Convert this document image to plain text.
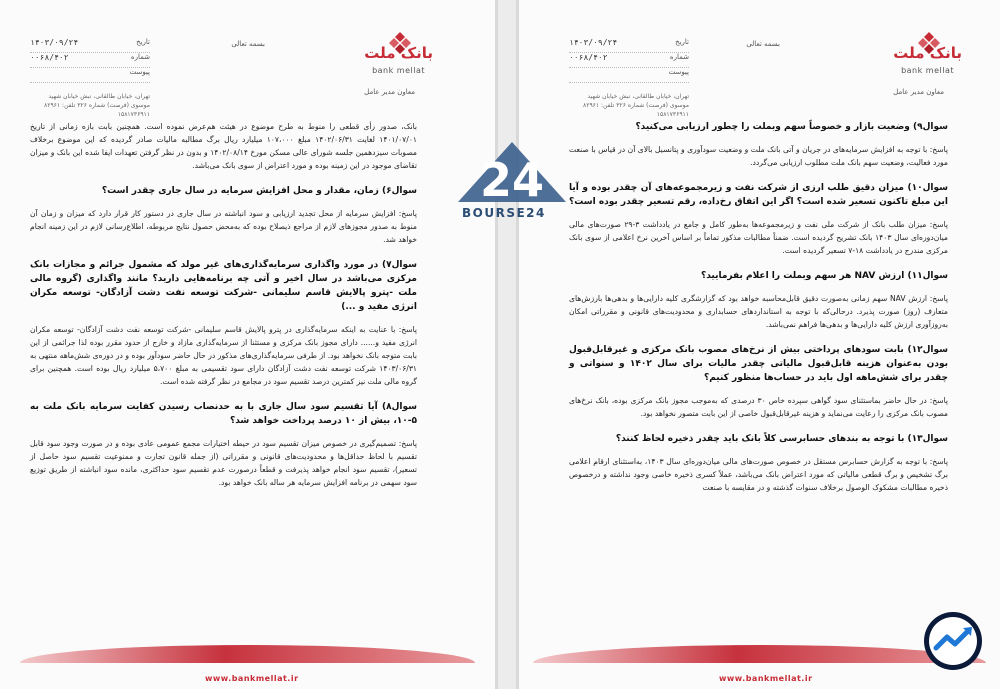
بانک ملت
bank mellat
معاون مدیر عامل
بسمه تعالی
تاریخ
۱۴۰۳/۰۹/۲۴
شماره
۰۰۶۸/۴۰۲
پیوست
تهران، خیابان طالقانی، نبش خیابان شهید موسوی (فرصت) شماره ۳۲۶ تلفن: ۸۲۹۶۱ ۱۵۸۱۷۳۶۹۱۱

بانک، صدور رأی قطعی را منوط به طرح موضوع در هیئت هم‌عرض نموده است. همچنین بابت بازه زمانی از تاریخ ۱۴۰۱/۰۷/۰۱ لغایت ۱۴۰۲/۰۶/۳۱ مبلغ ۱۰۷،۰۰۰ میلیارد ریال برگ مطالبه مالیات صادر گردیده که این موضوع برخلاف مصوبات سیزدهمین جلسه شورای عالی مسکن مورخ ۱۴۰۲/۰۸/۱۴ و بدون در نظر گرفتن تعهدات ایفا شده این بانک و میزان تقاضای موجود در این زمینه بوده و مورد اعتراض از سوی بانک می‌باشد.

سوال۶) زمان، مقدار و محل افزایش سرمایه در سال جاری چقدر است؟

پاسخ: افزایش سرمایه از محل تجدید ارزیابی و سود انباشته در سال جاری در دستور کار قرار دارد که میزان و زمان آن منوط به صدور مجوزهای لازم از مراجع ذیصلاح بوده که به‌محض حصول نتایج مربوطه، اطلاع‌رسانی لازم در این زمینه انجام خواهد شد.

سوال۷) در مورد واگذاری سرمایه‌گذاری‌های غیر مولد که مشمول جرائم و مجازات بانک مرکزی می‌باشد در سال اخیر و آتی چه برنامه‌هایی دارید؟ مانند واگذاری (گروه مالی ملت -پترو پالایش قاسم سلیمانی -شرکت توسعه نفت دشت آزادگان- توسعه مکران انرژی مفید و ...)

پاسخ: با عنایت به اینکه سرمایه‌گذاری در پترو پالایش قاسم سلیمانی -شرکت توسعه نفت دشت آزادگان- توسعه مکران انرژی مفید و...... دارای مجوز بانک مرکزی و مستثنا از سرمایه‌گذاری مازاد و خارج از حدود مقرر بوده لذا جرائمی از این بابت متوجه بانک نخواهد بود. از طرفی سرمایه‌گذاری‌های مذکور در حال حاضر سودآور بوده و در دوره‌ی شش‌ماهه منتهی به ۱۴۰۳/۰۶/۳۱ شرکت توسعه نفت دشت آزادگان دارای سود تقسیمی به مبلغ ۵،۷۰۰ میلیارد ریال بوده است. همچنین برای گروه مالی ملت نیز کمترین درصد تقسیم سود در مجامع در نظر گرفته شده است.

سوال۸) آیا تقسیم سود سال جاری با به حدنصاب رسیدن کفایت سرمایه بانک ملت به ۵-۱۰، بیش از ۱۰ درصد پرداخت خواهد شد؟

پاسخ: تصمیم‌گیری در خصوص میزان تقسیم سود در حیطه اختیارات مجمع عمومی عادی بوده و در صورت وجود سود قابل تقسیم با لحاظ حداقل‌ها و محدودیت‌های قانونی و مقرراتی (از جمله قانون تجارت و ممنوعیت تقسیم سود حاصل از تسعیر)، تقسیم سود انجام خواهد پذیرفت و قطعاً درصورت عدم تقسیم سود حداکثری، مانده سود انباشته از طریق توزیع سود سهمی در برنامه افزایش سرمایه هر ساله بانک خواهد بود.

www.bankmellat.ir
بانک ملت
bank mellat
معاون مدیر عامل
بسمه تعالی
تاریخ
۱۴۰۳/۰۹/۲۴
شماره
۰۰۶۸/۴۰۲
پیوست
تهران، خیابان طالقانی، نبش خیابان شهید موسوی (فرصت) شماره ۳۲۶ تلفن: ۸۲۹۶۱ ۱۵۸۱۷۳۶۹۱۱

سوال۹) وضعیت بازار و خصوصاً سهم وبملت را چطور ارزیابی می‌کنید؟

پاسخ: با توجه به افزایش سرمایه‌های در جریان و آتی بانک ملت و وضعیت سودآوری و پتانسیل بالای آن در قیاس با صنعت مورد فعالیت، وضعیت سهم بانک ملت مطلوب ارزیابی می‌گردد.

سوال۱۰) میزان دقیق طلب ارزی از شرکت نفت و زیرمجموعه‌های آن چقدر بوده و آیا این مبلغ تاکنون تسعیر شده است؟ اگر این اتفاق رخ‌داده، رقم تسعیر چقدر بوده است؟

پاسخ: میزان طلب بانک از شرکت ملی نفت و زیرمجموعه‌ها به‌طور کامل و جامع در یادداشت ۳-۲۹ صورت‌های مالی میان‌دوره‌ای سال ۱۴۰۳ بانک تشریح گردیده است. ضمناً مطالبات مذکور تماماً بر اساس آخرین نرخ اعلامی از سوی بانک مرکزی مندرج در یادداشت ۱۸-۷ تسعیر گردیده است.

سوال۱۱) ارزش NAV هر سهم وبملت را اعلام بفرمایید؟

پاسخ: ارزش NAV سهم زمانی به‌صورت دقیق قابل‌محاسبه خواهد بود که گزارشگری کلیه دارایی‌ها و بدهی‌ها بارزش‌های متعارف (روز) صورت پذیرد. درحالی‌که با توجه به استانداردهای حسابداری و محدودیت‌های قانونی و مقرراتی امکان به‌روزآوری ارزش کلیه دارایی‌ها و بدهی‌ها فراهم نمی‌باشد.

سوال۱۲) بابت سودهای پرداختی بیش از نرخ‌های مصوب بانک مرکزی و غیرقابل‌قبول بودن به‌عنوان هزینه قابل‌قبول مالیاتی چقدر مالیات برای سال ۱۴۰۲ و سنواتی و چقدر برای شش‌ماهه اول باید در حساب‌ها منظور کنیم؟

پاسخ: در حال حاضر بماستثنای سود گواهی سپرده خاص ۳۰ درصدی که به‌موجب مجوز بانک مرکزی بوده، بانک نرخ‌های مصوب بانک مرکزی را رعایت می‌نماید و هزینه غیرقابل‌قبول خاصی از این بابت متصور نخواهد بود.

سوال۱۳) با توجه به بندهای حسابرسی کلاً بانک باید چقدر ذخیره لحاظ کنند؟

پاسخ: با توجه به گزارش حسابرس مستقل در خصوص صورت‌های مالی میان‌دوره‌ای سال ۱۴۰۳، به‌استثنای ارقام اعلامی برگ تشخیص و برگ قطعی مالیاتی که مورد اعتراض بانک می‌باشد، عملاً کسری ذخیره خاصی وجود نداشته و درخصوص ذخیره مطالبات مشکوک الوصول برخلاف سنوات گذشته و در مقایسه با صنعت

www.bankmellat.ir
24
BOURSE24
